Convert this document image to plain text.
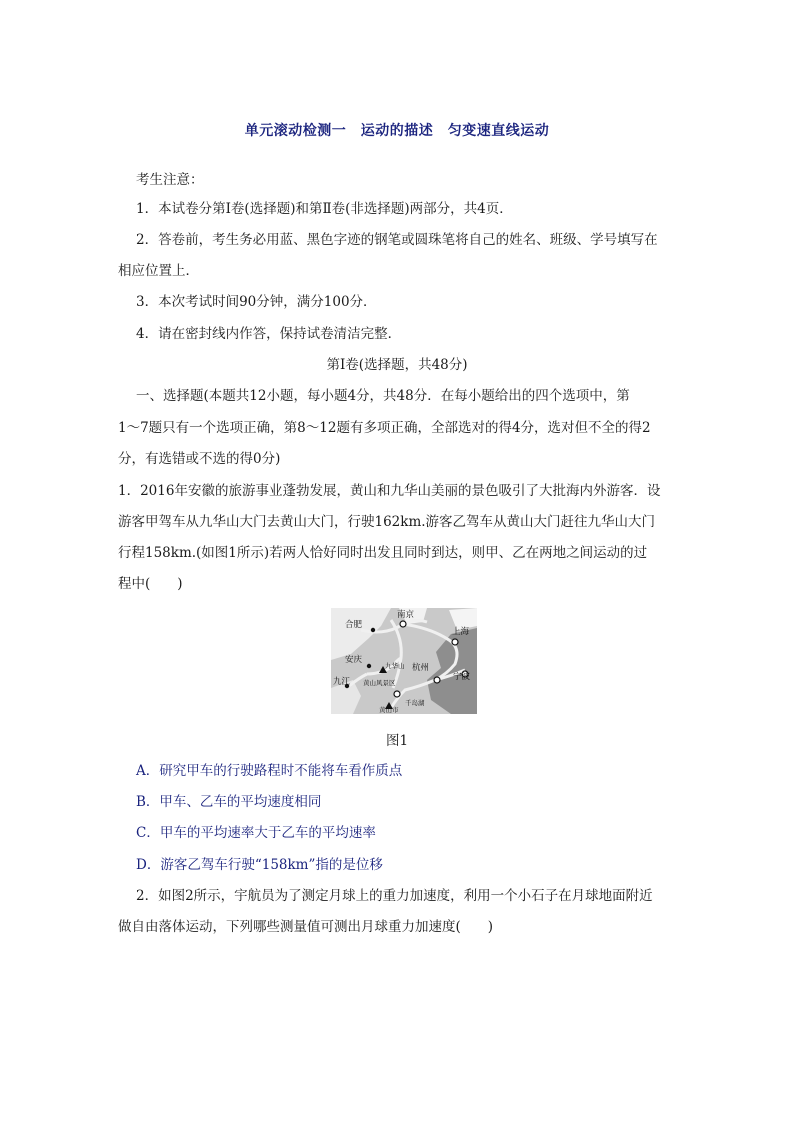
单元滚动检测一　运动的描述　匀变速直线运动
考生注意：
1．本试卷分第Ⅰ卷(选择题)和第Ⅱ卷(非选择题)两部分，共4页．
2．答卷前，考生务必用蓝、黑色字迹的钢笔或圆珠笔将自己的姓名、班级、学号填写在
相应位置上．
3．本次考试时间90分钟，满分100分．
4．请在密封线内作答，保持试卷清洁完整．
第Ⅰ卷(选择题，共48分)
一、选择题(本题共12小题，每小题4分，共48分．在每小题给出的四个选项中，第
1～7题只有一个选项正确，第8～12题有多项正确，全部选对的得4分，选对但不全的得2
分，有选错或不选的得0分)
1．2016年安徽的旅游事业蓬勃发展，黄山和九华山美丽的景色吸引了大批海内外游客．设
游客甲驾车从九华山大门去黄山大门，行驶162km.游客乙驾车从黄山大门赶往九华山大门
行程158km.(如图1所示)若两人恰好同时出发且同时到达，则甲、乙在两地之间运动的过
程中(　　)
南京
合肥
上海
安庆
九华山 杭州
九江 黄山风景区
宁波
黄山市
千岛湖
图1
A．研究甲车的行驶路程时不能将车看作质点
B．甲车、乙车的平均速度相同
C．甲车的平均速率大于乙车的平均速率
D．游客乙驾车行驶“158km”指的是位移
2．如图2所示，宇航员为了测定月球上的重力加速度，利用一个小石子在月球地面附近
做自由落体运动，下列哪些测量值可测出月球重力加速度(　　)
